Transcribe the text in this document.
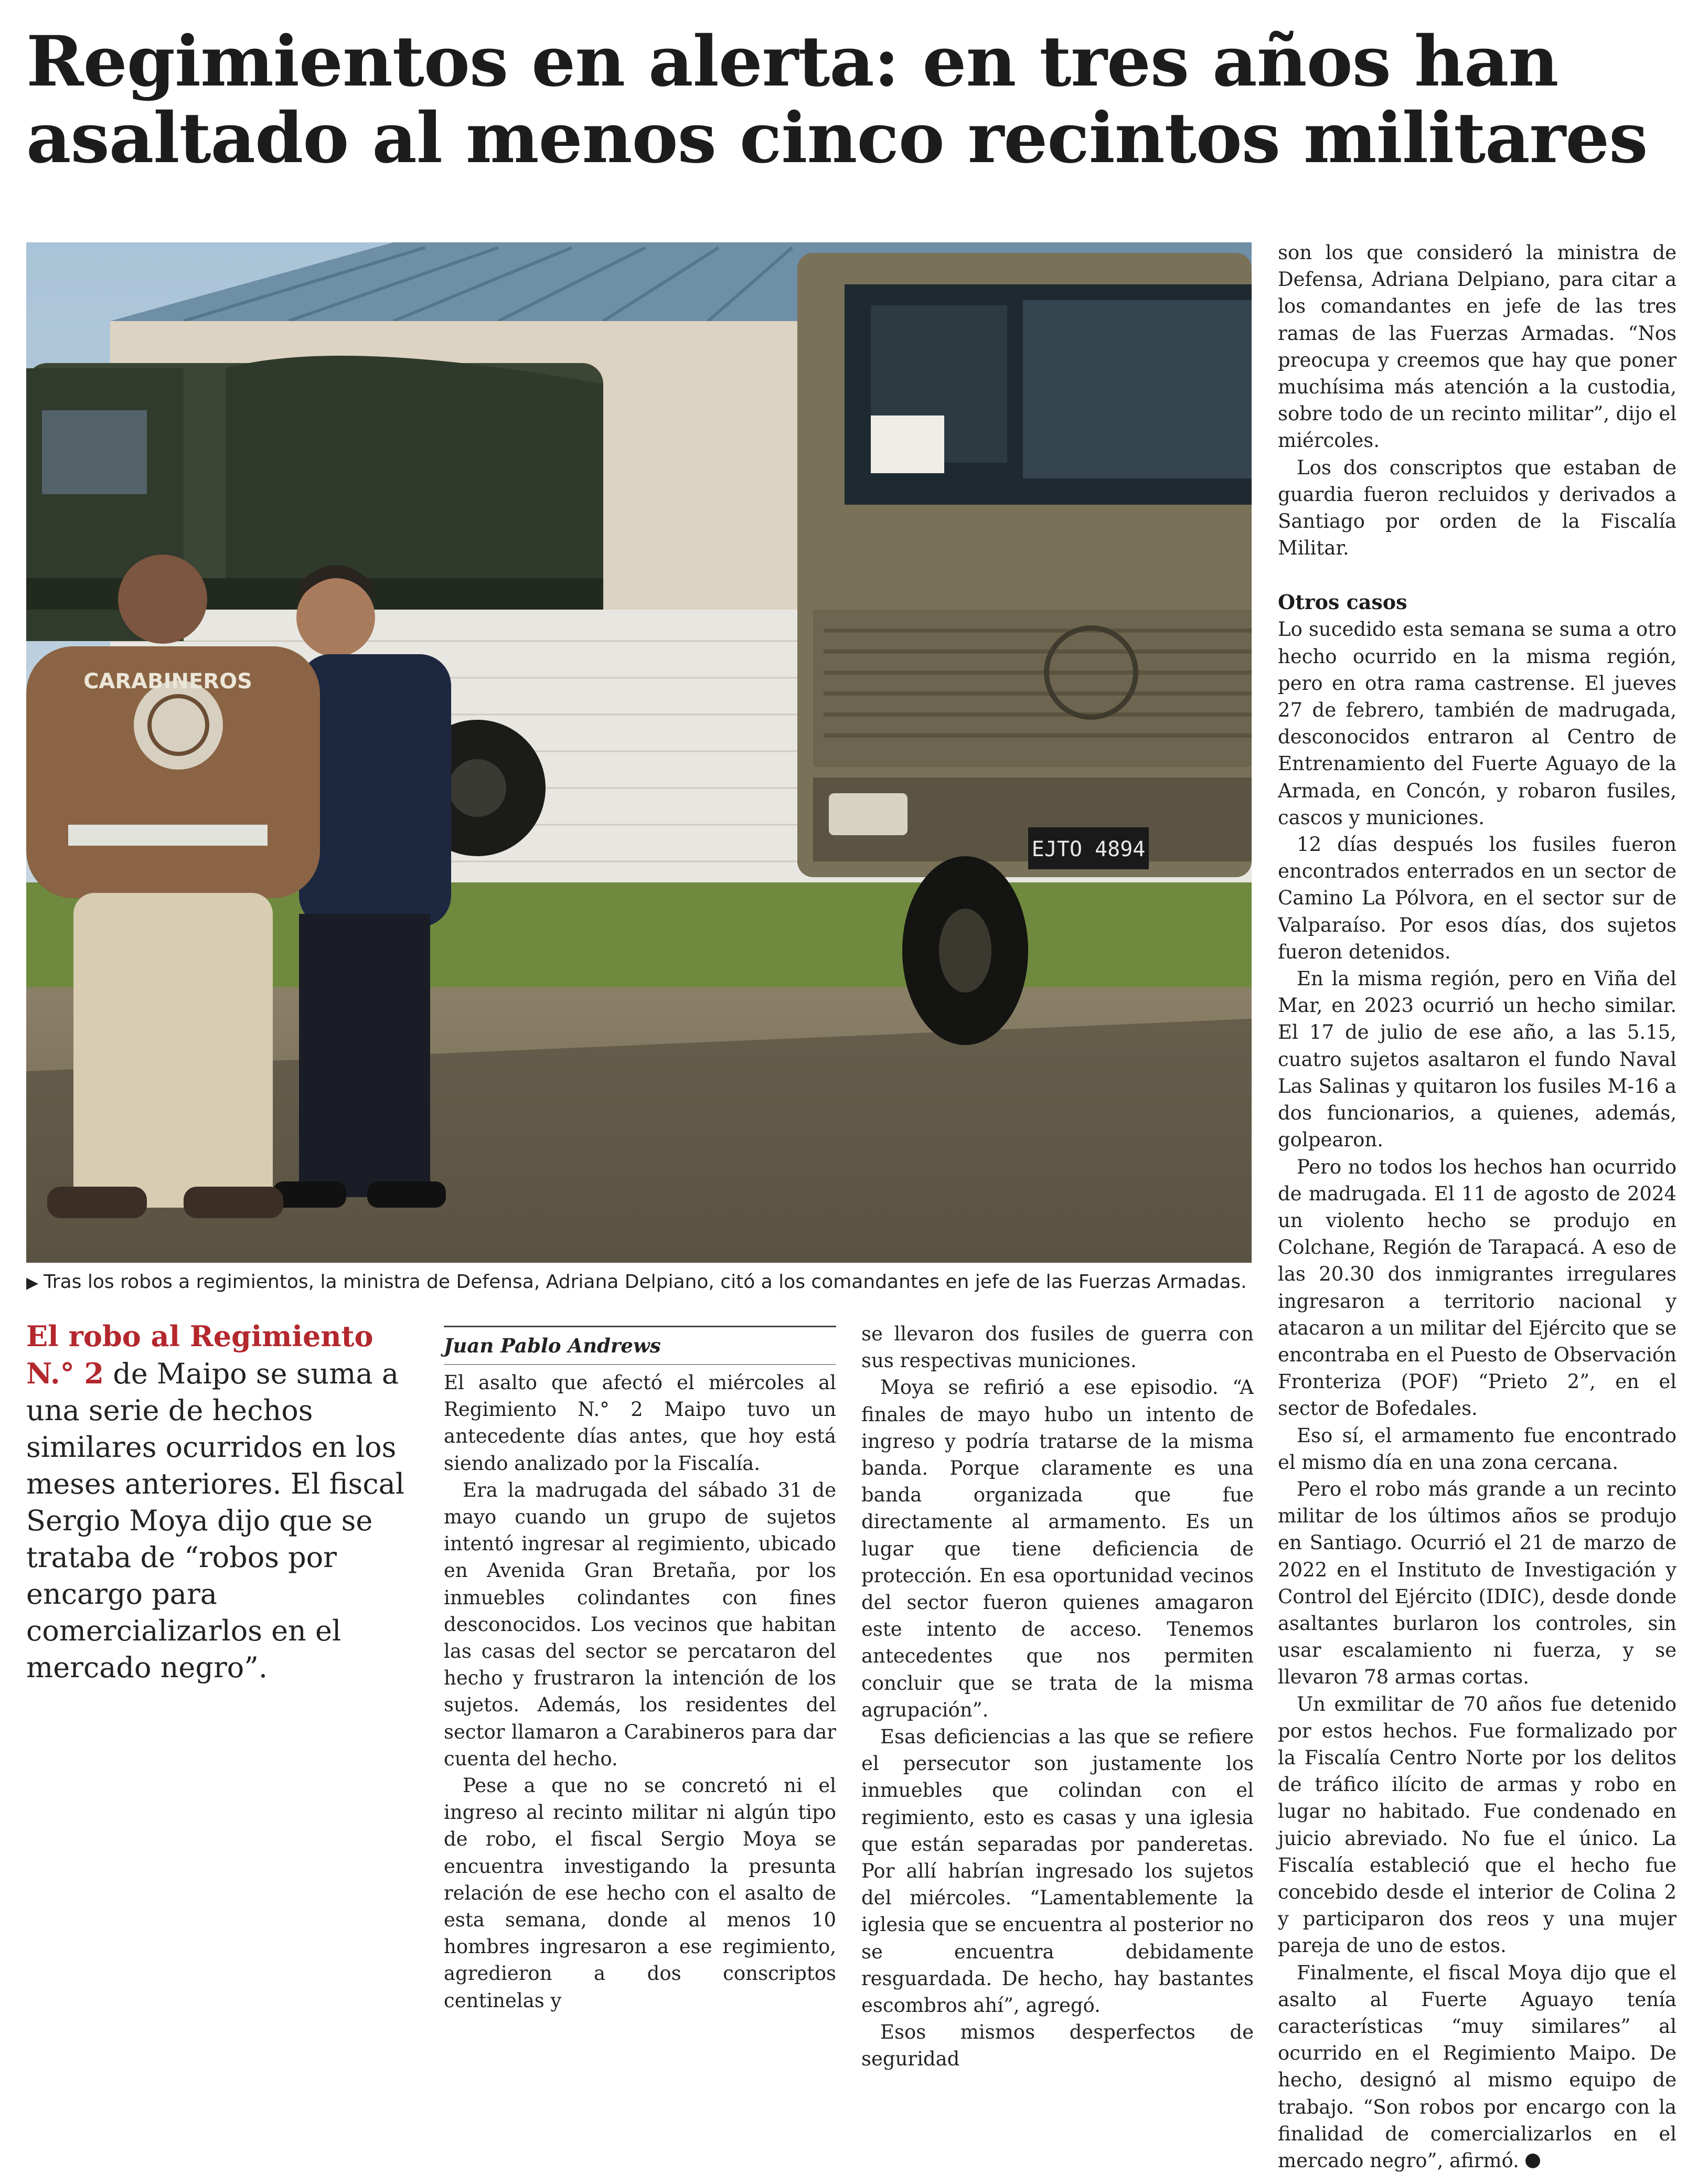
Regimientos en alerta: en tres años han asaltado al menos cinco recintos militares
EJTO 4894
CARABINEROS
▶ Tras los robos a regimientos, la ministra de Defensa, Adriana Delpiano, citó a los comandantes en jefe de las Fuerzas Armadas.
El robo al Regimiento N.° 2 de Maipo se suma a una serie de hechos similares ocurridos en los meses anteriores. El fiscal Sergio Moya dijo que se trataba de “robos por encargo para comercializarlos en el mercado negro”.
Juan Pablo Andrews

El asalto que afectó el miércoles al Regimiento N.° 2 Maipo tuvo un antecedente días antes, que hoy está siendo analizado por la Fiscalía.

Era la madrugada del sábado 31 de mayo cuando un grupo de sujetos intentó ingresar al regimiento, ubicado en Avenida Gran Bretaña, por los inmuebles colindantes con fines desconocidos. Los vecinos que habitan las casas del sector se percataron del hecho y frustraron la intención de los sujetos. Además, los residentes del sector llamaron a Carabineros para dar cuenta del hecho.

Pese a que no se concretó ni el ingreso al recinto militar ni algún tipo de robo, el fiscal Sergio Moya se encuentra investigando la presunta relación de ese hecho con el asalto de esta semana, donde al menos 10 hombres ingresaron a ese regimiento, agredieron a dos conscriptos centinelas y

se llevaron dos fusiles de guerra con sus respectivas municiones.

Moya se refirió a ese episodio. “A finales de mayo hubo un intento de ingreso y podría tratarse de la misma banda. Porque claramente es una banda organizada que fue directamente al armamento. Es un lugar que tiene deficiencia de protección. En esa oportunidad vecinos del sector fueron quienes amagaron este intento de acceso. Tenemos antecedentes que nos permiten concluir que se trata de la misma agrupación”.

Esas deficiencias a las que se refiere el persecutor son justamente los inmuebles que colindan con el regimiento, esto es casas y una iglesia que están separadas por panderetas. Por allí habrían ingresado los sujetos del miércoles. “Lamentablemente la iglesia que se encuentra al posterior no se encuentra debidamente resguardada. De hecho, hay bastantes escombros ahí”, agregó.

Esos mismos desperfectos de seguridad

son los que consideró la ministra de Defensa, Adriana Delpiano, para citar a los comandantes en jefe de las tres ramas de las Fuerzas Armadas. “Nos preocupa y creemos que hay que poner muchísima más atención a la custodia, sobre todo de un recinto militar”, dijo el miércoles.

Los dos conscriptos que estaban de guardia fueron recluidos y derivados a Santiago por orden de la Fiscalía Militar.

Otros casos

Lo sucedido esta semana se suma a otro hecho ocurrido en la misma región, pero en otra rama castrense. El jueves 27 de febrero, también de madrugada, desconocidos entraron al Centro de Entrenamiento del Fuerte Aguayo de la Armada, en Concón, y robaron fusiles, cascos y municiones.

12 días después los fusiles fueron encontrados enterrados en un sector de Camino La Pólvora, en el sector sur de Valparaíso. Por esos días, dos sujetos fueron detenidos.

En la misma región, pero en Viña del Mar, en 2023 ocurrió un hecho similar. El 17 de julio de ese año, a las 5.15, cuatro sujetos asaltaron el fundo Naval Las Salinas y quitaron los fusiles M-16 a dos funcionarios, a quienes, además, golpearon.

Pero no todos los hechos han ocurrido de madrugada. El 11 de agosto de 2024 un violento hecho se produjo en Colchane, Región de Tarapacá. A eso de las 20.30 dos inmigrantes irregulares ingresaron a territorio nacional y atacaron a un militar del Ejército que se encontraba en el Puesto de Observación Fronteriza (POF) “Prieto 2”, en el sector de Bofedales.

Eso sí, el armamento fue encontrado el mismo día en una zona cercana.

Pero el robo más grande a un recinto militar de los últimos años se produjo en Santiago. Ocurrió el 21 de marzo de 2022 en el Instituto de Investigación y Control del Ejército (IDIC), desde donde asaltantes burlaron los controles, sin usar escalamiento ni fuerza, y se llevaron 78 armas cortas.

Un exmilitar de 70 años fue detenido por estos hechos. Fue formalizado por la Fiscalía Centro Norte por los delitos de tráfico ilícito de armas y robo en lugar no habitado. Fue condenado en juicio abreviado. No fue el único. La Fiscalía estableció que el hecho fue concebido desde el interior de Colina 2 y participaron dos reos y una mujer pareja de uno de estos.

Finalmente, el fiscal Moya dijo que el asalto al Fuerte Aguayo tenía características “muy similares” al ocurrido en el Regimiento Maipo. De hecho, designó al mismo equipo de trabajo. “Son robos por encargo con la finalidad de comercializarlos en el mercado negro”, afirmó.
